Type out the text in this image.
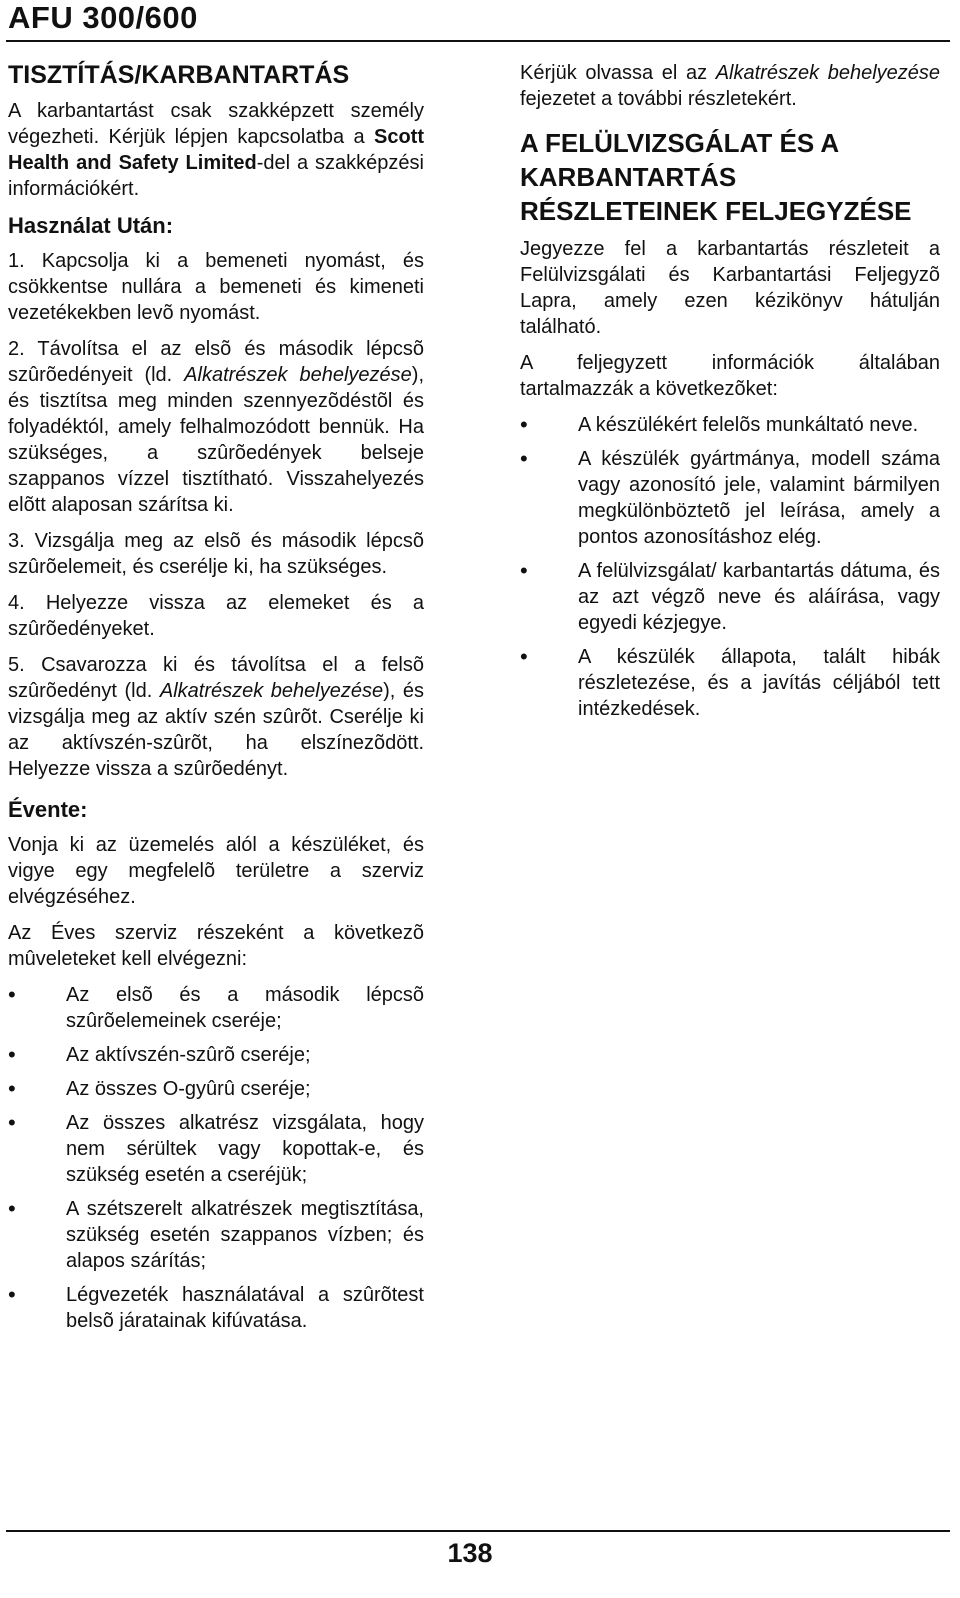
AFU 300/600
TISZTÍTÁS/KARBANTARTÁS

A karbantartást csak szakképzett személy végezheti. Kérjük lépjen kapcsolatba a Scott Health and Safety Limited-del a szakképzési információkért.

Használat Után:

1. Kapcsolja ki a bemeneti nyomást, és csökkentse nullára a bemeneti és kimeneti vezetékekben levõ nyomást.

2. Távolítsa el az elsõ és második lépcsõ szûrõedényeit (ld. Alkatrészek behelyezése), és tisztítsa meg minden szennyezõdéstõl és folyadéktól, amely felhalmozódott bennük. Ha szükséges, a szûrõedények belseje szappanos vízzel tisztítható. Visszahelyezés elõtt alaposan szárítsa ki.

3. Vizsgálja meg az elsõ és második lépcsõ szûrõelemeit, és cserélje ki, ha szükséges.

4. Helyezze vissza az elemeket és a szûrõedényeket.

5. Csavarozza ki és távolítsa el a felsõ szûrõedényt (ld. Alkatrészek behelyezése), és vizsgálja meg az aktív szén szûrõt. Cserélje ki az aktívszén-szûrõt, ha elszínezõdött. Helyezze vissza a szûrõedényt.

Évente:

Vonja ki az üzemelés alól a készüléket, és vigye egy megfelelõ területre a szerviz elvégzéséhez.

Az Éves szerviz részeként a következõ mûveleteket kell elvégezni:

• Az elsõ és a második lépcsõ szûrõelemeinek cseréje;
• Az aktívszén-szûrõ cseréje;
• Az összes O-gyûrû cseréje;
• Az összes alkatrész vizsgálata, hogy nem sérültek vagy kopottak-e, és szükség esetén a cseréjük;
• A szétszerelt alkatrészek megtisztítása, szükség esetén szappanos vízben; és alapos szárítás;
• Légvezeték használatával a szûrõtest belsõ járatainak kifúvatása.

Kérjük olvassa el az Alkatrészek behelyezése fejezetet a további részletekért.

A FELÜLVIZSGÁLAT ÉS A KARBANTARTÁS RÉSZLETEINEK FELJEGYZÉSE

Jegyezze fel a karbantartás részleteit a Felülvizsgálati és Karbantartási Feljegyzõ Lapra, amely ezen kézikönyv hátulján található.

A feljegyzett információk általában tartalmazzák a következõket:

• A készülékért felelõs munkáltató neve.
• A készülék gyártmánya, modell száma vagy azonosító jele, valamint bármilyen megkülönböztetõ jel leírása, amely a pontos azonosításhoz elég.
• A felülvizsgálat/ karbantartás dátuma, és az azt végzõ neve és aláírása, vagy egyedi kézjegye.
• A készülék állapota, talált hibák részletezése, és a javítás céljából tett intézkedések.
138
